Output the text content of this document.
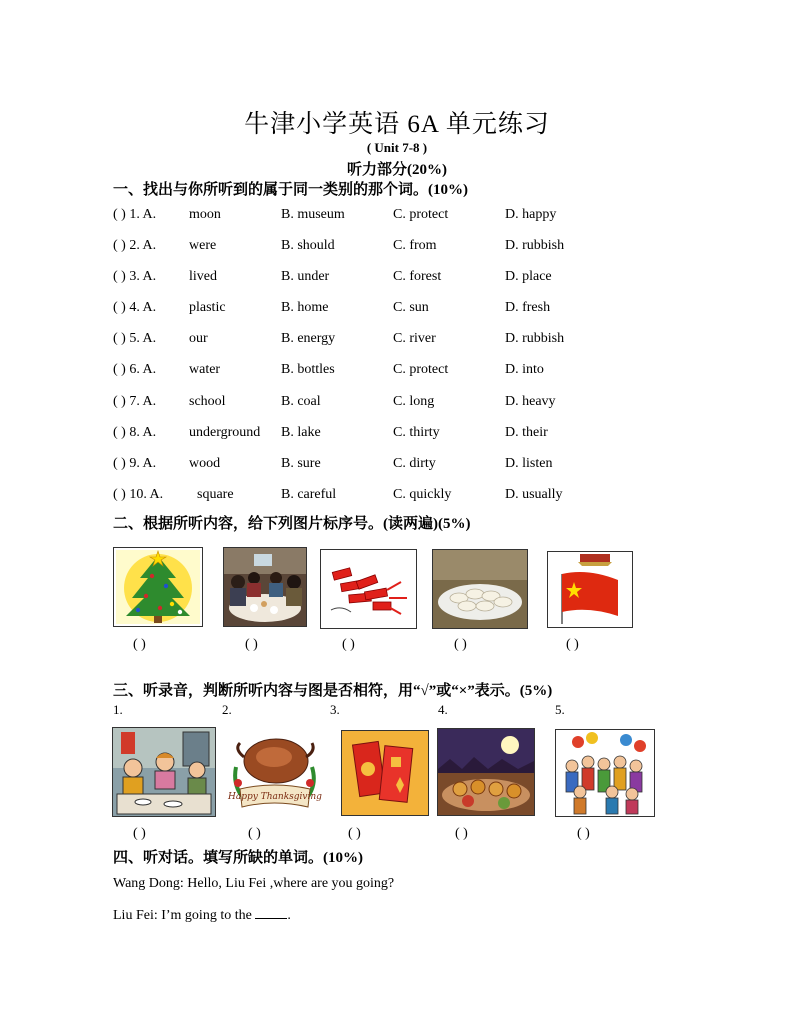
牛津小学英语 6A 单元练习
( Unit 7-8 )
听力部分(20%)
一、找出与你所听到的属于同一类别的那个词。(10%)
( ) 1. A. moon	B. museum	C. protect	D. happy
( ) 2. A. were	B. should	C. from	D. rubbish
( ) 3. A. lived	B. under	C. forest	D. place
( ) 4. A. plastic	B. home	C. sun	D. fresh
( ) 5. A. our	B. energy	C. river	D. rubbish
( ) 6. A. water	B. bottles	C. protect	D. into
( ) 7. A. school	B. coal	C. long	D. heavy
( ) 8. A. underground B. lake	C. thirty	D. their
( ) 9. A. wood	B. sure	C. dirty	D. listen
( ) 10. A. square	B. careful	C. quickly	D. usually
二、根据所听内容，给下列图片标序号。(读两遍)(5%)
( )	( )	( )	( )	( )
三、听录音，判断所听内容与图是否相符，用“√”或“×”表示。(5%)
1.	2.	3.	4.	5.
Happy Thanksgiving
( )	( )	( )	( )	( )
四、听对话。填写所缺的单词。(10%)
Wang Dong: Hello, Liu Fei ,where are you going?
Liu Fei: I’m going to the	.
